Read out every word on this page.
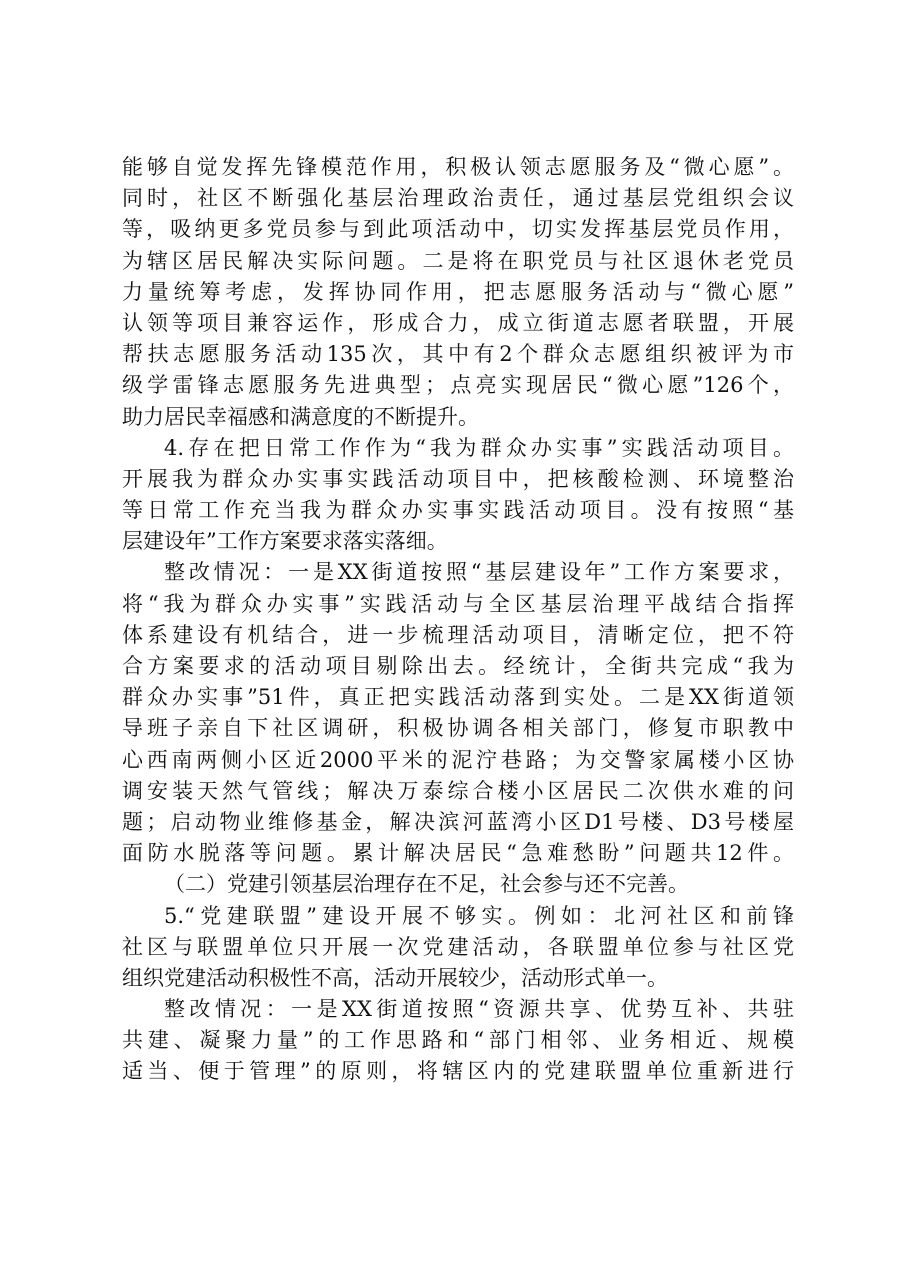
能够自觉发挥先锋模范作用，积极认领志愿服务及“微心愿”。
同时，社区不断强化基层治理政治责任，通过基层党组织会议
等，吸纳更多党员参与到此项活动中，切实发挥基层党员作用，
为辖区居民解决实际问题。二是将在职党员与社区退休老党员
力量统筹考虑，发挥协同作用，把志愿服务活动与“微心愿”
认领等项目兼容运作，形成合力，成立街道志愿者联盟，开展
帮扶志愿服务活动135次，其中有2个群众志愿组织被评为市
级学雷锋志愿服务先进典型；点亮实现居民“微心愿”126个，
助力居民幸福感和满意度的不断提升。
4.存在把日常工作作为“我为群众办实事”实践活动项目。
开展我为群众办实事实践活动项目中，把核酸检测、环境整治
等日常工作充当我为群众办实事实践活动项目。没有按照“基
层建设年”工作方案要求落实落细。
整改情况：一是XX街道按照“基层建设年”工作方案要求，
将“我为群众办实事”实践活动与全区基层治理平战结合指挥
体系建设有机结合，进一步梳理活动项目，清晰定位，把不符
合方案要求的活动项目剔除出去。经统计，全街共完成“我为
群众办实事”51件，真正把实践活动落到实处。二是XX街道领
导班子亲自下社区调研，积极协调各相关部门，修复市职教中
心西南两侧小区近2000平米的泥泞巷路；为交警家属楼小区协
调安装天然气管线；解决万泰综合楼小区居民二次供水难的问
题；启动物业维修基金，解决滨河蓝湾小区D1号楼、D3号楼屋
面防水脱落等问题。累计解决居民“急难愁盼”问题共12件。
（二）党建引领基层治理存在不足，社会参与还不完善。
5.“党建联盟”建设开展不够实。例如：北河社区和前锋
社区与联盟单位只开展一次党建活动，各联盟单位参与社区党
组织党建活动积极性不高，活动开展较少，活动形式单一。
整改情况：一是XX街道按照“资源共享、优势互补、共驻
共建、凝聚力量”的工作思路和“部门相邻、业务相近、规模
适当、便于管理”的原则，将辖区内的党建联盟单位重新进行
